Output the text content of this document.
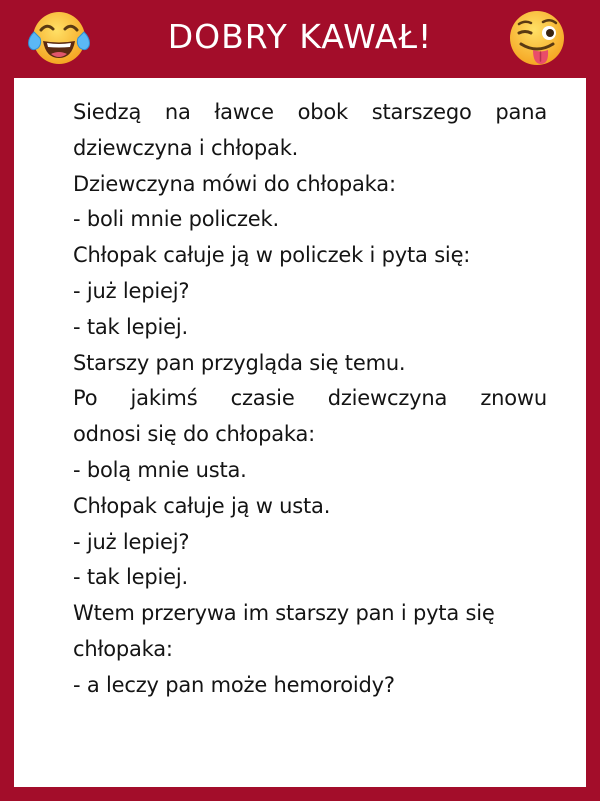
DOBRY KAWAŁ!
Siedzą na ławce obok starszego pana
dziewczyna i chłopak.
Dziewczyna mówi do chłopaka:
- boli mnie policzek.
Chłopak całuje ją w policzek i pyta się:
- już lepiej?
- tak lepiej.
Starszy pan przygląda się temu.
Po jakimś czasie dziewczyna znowu
odnosi się do chłopaka:
- bolą mnie usta.
Chłopak całuje ją w usta.
- już lepiej?
- tak lepiej.
Wtem przerywa im starszy pan i pyta się
chłopaka:
- a leczy pan może hemoroidy?
